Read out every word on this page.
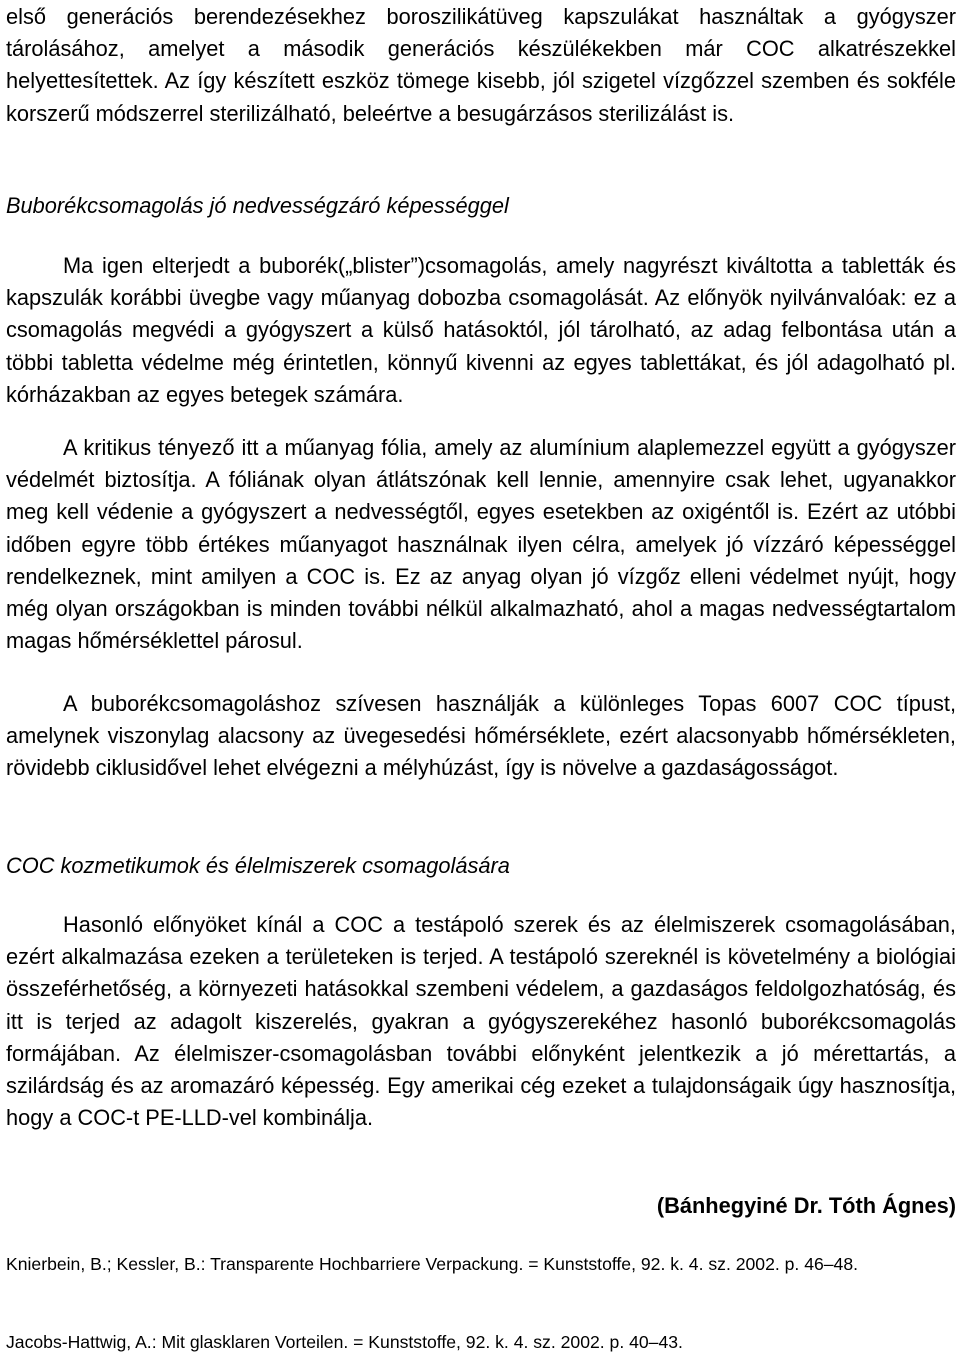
első generációs berendezésekhez boroszilikátüveg kapszulákat használtak a gyógyszer tárolásához, amelyet a második generációs készülékekben már COC alkatrészekkel helyettesítettek. Az így készített eszköz tömege kisebb, jól szigetel vízgőzzel szemben és sokféle korszerű módszerrel sterilizálható, beleértve a besugárzásos sterilizálást is.

Buborékcsomagolás jó nedvességzáró képességgel

Ma igen elterjedt a buborék(„blister”)csomagolás, amely nagyrészt kiváltotta a tabletták és kapszulák korábbi üvegbe vagy műanyag dobozba csomagolását. Az előnyök nyilvánvalóak: ez a csomagolás megvédi a gyógyszert a külső hatásoktól, jól tárolható, az adag felbontása után a többi tabletta védelme még érintetlen, könnyű kivenni az egyes tablettákat, és jól adagolható pl. kórházakban az egyes betegek számára.

A kritikus tényező itt a műanyag fólia, amely az alumínium alaplemezzel együtt a gyógyszer védelmét biztosítja. A fóliának olyan átlátszónak kell lennie, amennyire csak lehet, ugyanakkor meg kell védenie a gyógyszert a nedvességtől, egyes esetekben az oxigéntől is. Ezért az utóbbi időben egyre több értékes műanyagot használnak ilyen célra, amelyek jó vízzáró képességgel rendelkeznek, mint amilyen a COC is. Ez az anyag olyan jó vízgőz elleni védelmet nyújt, hogy még olyan országokban is minden további nélkül alkalmazható, ahol a magas nedvességtartalom magas hőmérséklettel párosul.

A buborékcsomagoláshoz szívesen használják a különleges Topas 6007 COC típust, amelynek viszonylag alacsony az üvegesedési hőmérséklete, ezért alacsonyabb hőmérsékleten, rövidebb ciklusidővel lehet elvégezni a mélyhúzást, így is növelve a gazdaságosságot.

COC kozmetikumok és élelmiszerek csomagolására

Hasonló előnyöket kínál a COC a testápoló szerek és az élelmiszerek csomagolásában, ezért alkalmazása ezeken a területeken is terjed. A testápoló szereknél is követelmény a biológiai összeférhetőség, a környezeti hatásokkal szembeni védelem, a gazdaságos feldolgozhatóság, és itt is terjed az adagolt kiszerelés, gyakran a gyógyszerekéhez hasonló buborékcsomagolás formájában. Az élelmiszer-csomagolásban további előnyként jelentkezik a jó mérettartás, a szilárdság és az aromazáró képesség. Egy amerikai cég ezeket a tulajdonságaik úgy hasznosítja, hogy a COC-t PE-LLD-vel kombinálja.

(Bánhegyiné Dr. Tóth Ágnes)

Knierbein, B.; Kessler, B.: Transparente Hochbarriere Verpackung. = Kunststoffe, 92. k. 4. sz. 2002. p. 46–48.

Jacobs-Hattwig, A.: Mit glasklaren Vorteilen. = Kunststoffe, 92. k. 4. sz. 2002. p. 40–43.
